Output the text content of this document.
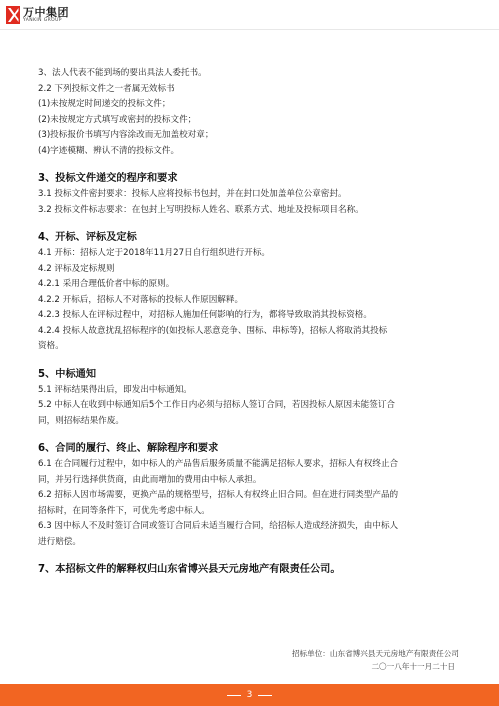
万中集团
YANKIN GROUP

3、法人代表不能到场的要出具法人委托书。

2.2 下列投标文件之一者属无效标书

(1)未按规定时间递交的投标文件；

(2)未按规定方式填写或密封的投标文件；

(3)投标报价书填写内容涂改而无加盖校对章；

(4)字迹模糊、辨认不清的投标文件。

3、投标文件递交的程序和要求

3.1 投标文件密封要求：投标人应将投标书包封，并在封口处加盖单位公章密封。

3.2 投标文件标志要求：在包封上写明投标人姓名、联系方式、地址及投标项目名称。

4、开标、评标及定标

4.1 开标：招标人定于2018年11月27日自行组织进行开标。

4.2 评标及定标规则

4.2.1 采用合理低价者中标的原则。

4.2.2 开标后，招标人不对落标的投标人作原因解释。

4.2.3 投标人在评标过程中，对招标人施加任何影响的行为，都将导致取消其投标资格。

4.2.4 投标人故意扰乱招标程序的(如投标人恶意竞争、围标、串标等)，招标人将取消其投标

资格。

5、中标通知

5.1 评标结果得出后，即发出中标通知。

5.2 中标人在收到中标通知后5个工作日内必须与招标人签订合同，若因投标人原因未能签订合

同，则招标结果作废。

6、合同的履行、终止、解除程序和要求

6.1 在合同履行过程中，如中标人的产品售后服务质量不能满足招标人要求，招标人有权终止合

同，并另行选择供货商，由此而增加的费用由中标人承担。

6.2 招标人因市场需要，更换产品的规格型号，招标人有权终止旧合同。但在进行同类型产品的

招标时，在同等条件下，可优先考虑中标人。

6.3 因中标人不及时签订合同或签订合同后未适当履行合同，给招标人造成经济损失，由中标人

进行赔偿。

7、本招标文件的解释权归山东省博兴县天元房地产有限责任公司。

招标单位：山东省博兴县天元房地产有限责任公司
二〇一八年十一月二十日
3
